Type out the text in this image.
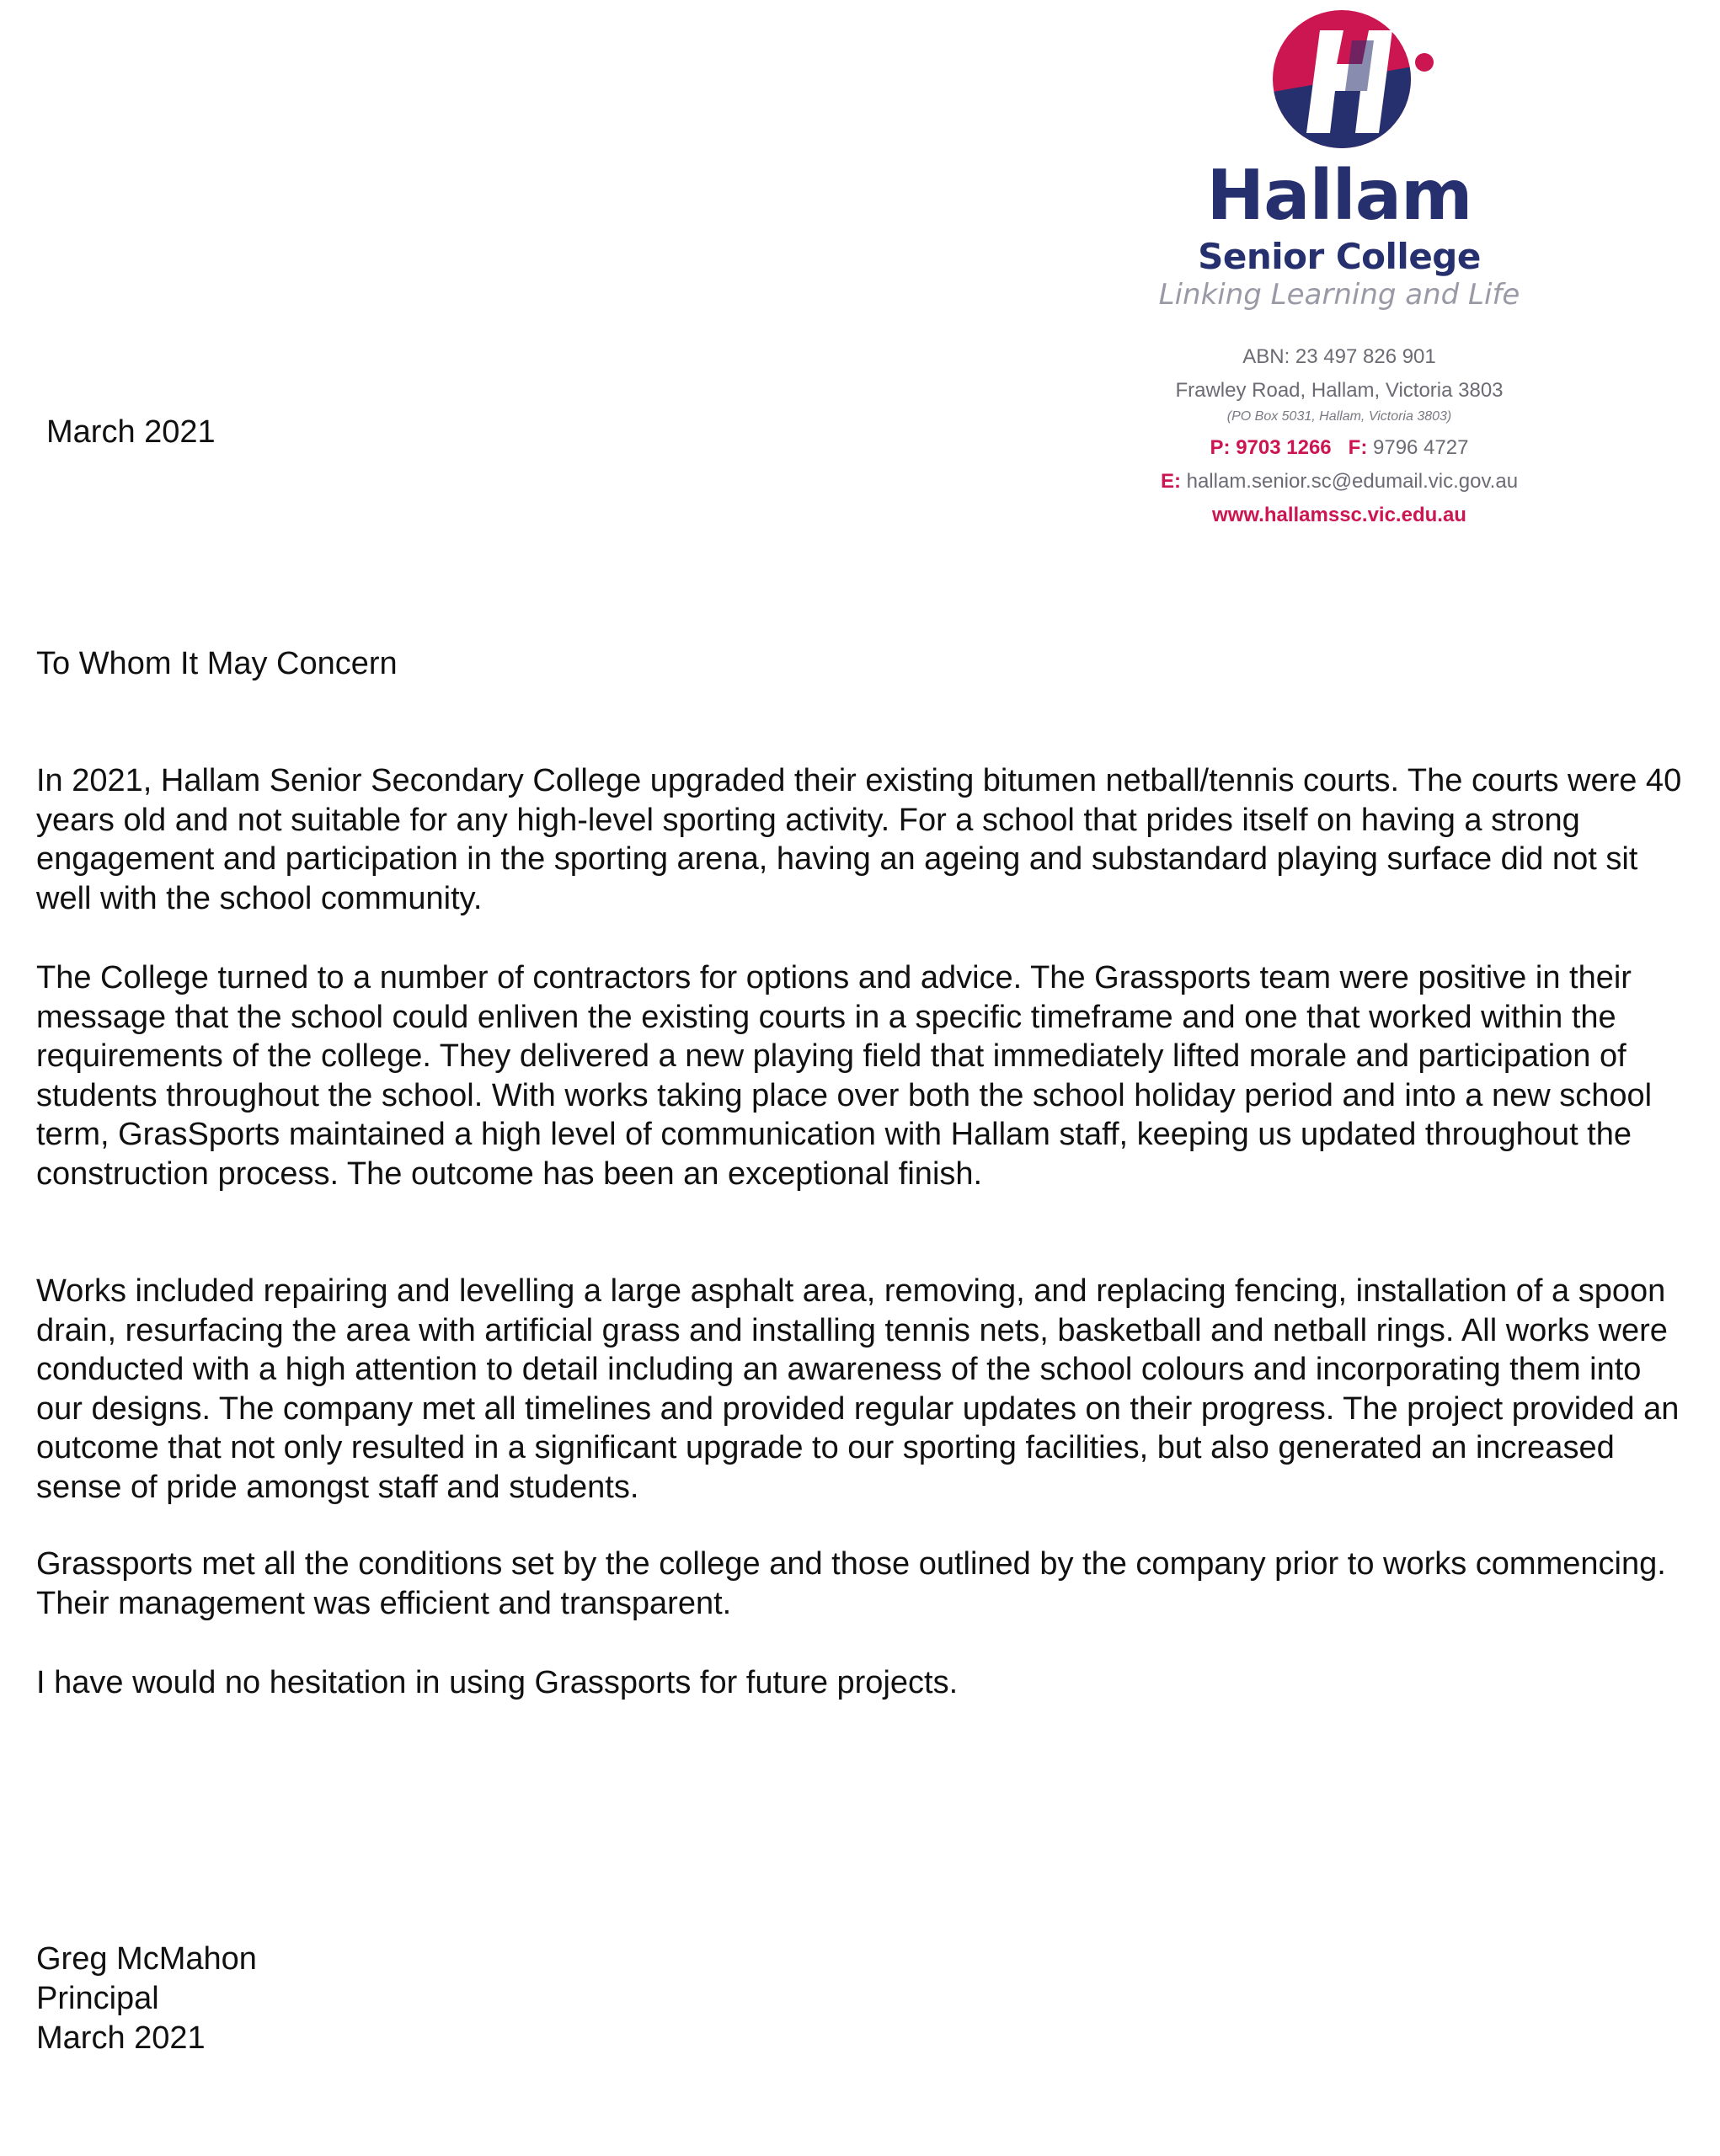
Hallam
Senior College
Linking Learning and Life
ABN: 23 497 826 901
Frawley Road, Hallam, Victoria 3803
(PO Box 5031, Hallam, Victoria 3803)
P: 9703 1266 F: 9796 4727
E: hallam.senior.sc@edumail.vic.gov.au
www.hallamssc.vic.edu.au
March 2021
To Whom It May Concern

In 2021, Hallam Senior Secondary College upgraded their existing bitumen netball/tennis courts. The courts were 40 years old and not suitable for any high-level sporting activity. For a school that prides itself on having a strong engagement and participation in the sporting arena, having an ageing and substandard playing surface did not sit well with the school community.

The College turned to a number of contractors for options and advice. The Grassports team were positive in their message that the school could enliven the existing courts in a specific timeframe and one that worked within the requirements of the college. They delivered a new playing field that immediately lifted morale and participation of students throughout the school. With works taking place over both the school holiday period and into a new school term, GrasSports maintained a high level of communication with Hallam staff, keeping us updated throughout the construction process. The outcome has been an exceptional finish.

Works included repairing and levelling a large asphalt area, removing, and replacing fencing, installation of a spoon drain, resurfacing the area with artificial grass and installing tennis nets, basketball and netball rings. All works were conducted with a high attention to detail including an awareness of the school colours and incorporating them into our designs. The company met all timelines and provided regular updates on their progress. The project provided an outcome that not only resulted in a significant upgrade to our sporting facilities, but also generated an increased sense of pride amongst staff and students.

Grassports met all the conditions set by the college and those outlined by the company prior to works commencing. Their management was efficient and transparent.

I have would no hesitation in using Grassports for future projects.

Greg McMahon
Principal
March 2021
